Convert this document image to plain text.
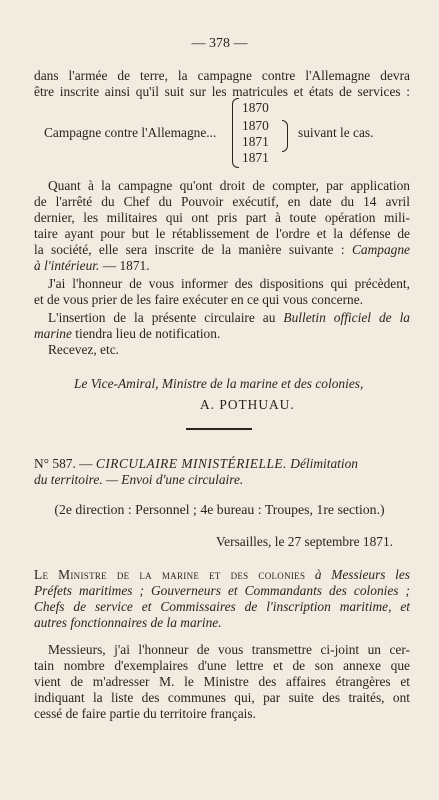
— 378 —
dans l'armée de terre, la campagne contre l'Allemagne devra
être inscrite ainsi qu'il suit sur les matricules et états de services :
Campagne contre l'Allemagne...
1870
1870
1871
1871
suivant le cas.
Quant à la campagne qu'ont droit de compter, par application
de l'arrêté du Chef du Pouvoir exécutif, en date du 14 avril
dernier, les militaires qui ont pris part à toute opération mili-
taire ayant pour but le rétablissement de l'ordre et la défense de
la société, elle sera inscrite de la manière suivante : Campagne
à l'intérieur. — 1871.
J'ai l'honneur de vous informer des dispositions qui précèdent,
et de vous prier de les faire exécuter en ce qui vous concerne.
L'insertion de la présente circulaire au Bulletin officiel de la
marine tiendra lieu de notification.
Recevez, etc.
Le Vice-Amiral, Ministre de la marine et des colonies,
A. POTHUAU.
N° 587. — CIRCULAIRE MINISTÉRIELLE. Délimitation
du territoire. — Envoi d'une circulaire.
(2e direction : Personnel ; 4e bureau : Troupes, 1re section.)
Versailles, le 27 septembre 1871.
Le Ministre de la marine et des colonies à Messieurs les
Préfets maritimes ; Gouverneurs et Commandants des colonies ;
Chefs de service et Commissaires de l'inscription maritime, et
autres fonctionnaires de la marine.
Messieurs, j'ai l'honneur de vous transmettre ci-joint un cer-
tain nombre d'exemplaires d'une lettre et de son annexe que
vient de m'adresser M. le Ministre des affaires étrangères et
indiquant la liste des communes qui, par suite des traités, ont
cessé de faire partie du territoire français.
